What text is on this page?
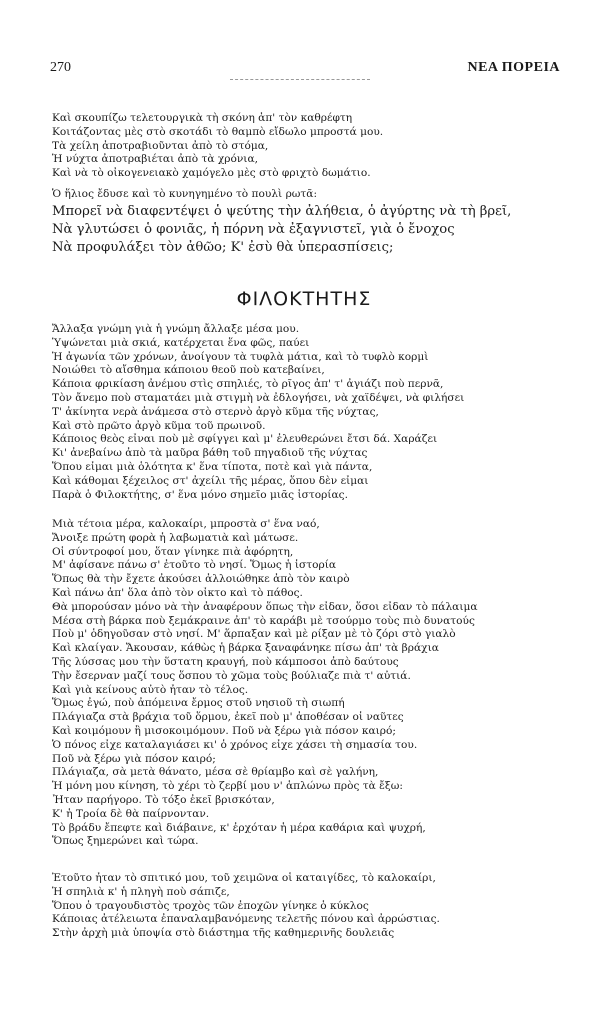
270	ΝΕΑ ΠΟΡΕΙΑ
Καὶ σκουπίζω τελετουργικὰ τὴ σκόνη ἀπ' τὸν καθρέφτη
Κοιτάζοντας μὲς στὸ σκοτάδι τὸ θαμπὸ εἴδωλο μπροστά μου.
Τὰ χείλη ἀποτραβιοῦνται ἀπὸ τὸ στόμα,
Ἡ νύχτα ἀποτραβιέται ἀπὸ τὰ χρόνια,
Καὶ νὰ τὸ οἰκογενειακὸ χαμόγελο μὲς στὸ φριχτὸ δωμάτιο.
Ὁ ἥλιος ἔδυσε καὶ τὸ κυνηγημένο τὸ πουλὶ ρωτᾶ:
Μπορεῖ νὰ διαφεντέψει ὁ ψεύτης τὴν ἀλήθεια, ὁ ἀγύρτης νὰ τὴ βρεῖ,
Νὰ γλυτώσει ὁ φονιᾶς, ἡ πόρνη νὰ ἐξαγνιστεῖ, γιὰ ὁ ἔνοχος
Νὰ προφυλάξει τὸν ἀθῶο; Κ' ἐσὺ θὰ ὑπερασπίσεις;
ΦΙΛΟΚΤΗΤΗΣ
Ἄλλαξα γνώμη γιὰ ἡ γνώμη ἄλλαξε μέσα μου.
Ὑψώνεται μιὰ σκιά, κατέρχεται ἕνα φῶς, παύει
Ἡ ἀγωνία τῶν χρόνων, ἀνοίγουν τὰ τυφλὰ μάτια, καὶ τὸ τυφλὸ κορμὶ
Νοιώθει τὸ αἴσθημα κάποιου θεοῦ ποὺ κατεβαίνει,
Κάποια φρικίαση ἀνέμου στὶς σπηλιές, τὸ ρῖγος ἀπ' τ' ἀγιάζι ποὺ περνᾶ,
Τὸν ἄνεμο ποὺ σταματάει μιὰ στιγμὴ νὰ ἐδλογήσει, νὰ χαϊδέψει, νὰ φιλήσει
Τ' ἀκίνητα νερὰ ἀνάμεσα στὸ στερνὸ ἀργὸ κῦμα τῆς νύχτας,
Καὶ στὸ πρῶτο ἀργὸ κῦμα τοῦ πρωινοῦ.
Κάποιος θεὸς εἶναι ποὺ μὲ σφίγγει καὶ μ' ἐλευθερώνει ἔτσι δά. Χαράζει
Κι' ἀνεβαίνω ἀπὸ τὰ μαῦρα βάθη τοῦ πηγαδιοῦ τῆς νύχτας
Ὅπου εἶμαι μιὰ ὁλότητα κ' ἕνα τίποτα, ποτὲ καὶ γιὰ πάντα,
Καὶ κάθομαι ξέχειλος στ' ἀχείλι τῆς μέρας, ὅπου δὲν εἶμαι
Παρὰ ὁ Φιλοκτήτης, σ' ἕνα μόνο σημεῖο μιᾶς ἱστορίας.
Μιὰ τέτοια μέρα, καλοκαίρι, μπροστὰ σ' ἕνα ναό,
Ἄνοιξε πρώτη φορὰ ἡ λαβωματιὰ καὶ μάτωσε.
Οἱ σύντροφοί μου, ὅταν γίνηκε πιὰ ἀφόρητη,
Μ' ἀφίσανε πάνω σ' ἐτοῦτο τὸ νησί. Ὅμως ἡ ἱστορία
Ὅπως θὰ τὴν ἔχετε ἀκούσει ἀλλοιώθηκε ἀπὸ τὸν καιρὸ
Καὶ πάνω ἀπ' ὅλα ἀπὸ τὸν οἶκτο καὶ τὸ πάθος.
Θὰ μπορούσαν μόνο νὰ τὴν ἀναφέρουν ὅπως τὴν εἶδαν, ὅσοι εἶδαν τὸ πάλαιμα
Μέσα στὴ βάρκα ποὺ ξεμάκραινε ἀπ' τὸ καράβι μὲ τσούρμο τοὺς πιὸ δυνατούς
Ποὺ μ' ὁδηγοῦσαν στὸ νησί. Μ' ἅρπαξαν καὶ μὲ ρίξαν μὲ τὸ ζόρι στὸ γιαλὸ
Καὶ κλαίγαν. Ἄκουσαν, κάθὼς ἡ βάρκα ξαναφάνηκε πίσω ἀπ' τὰ βράχια
Τῆς λύσσας μου τὴν ὕστατη κραυγή, ποὺ κάμποσοι ἀπὸ δαύτους
Τὴν ἔσερναν μαζί τους ὅσπου τὸ χῶμα τοὺς βούλιαζε πιὰ τ' αὐτιά.
Καὶ γιὰ κείνους αὐτὸ ἦταν τὸ τέλος.
Ὅμως ἐγώ, ποὺ ἀπόμεινα ἔρμος στοῦ νησιοῦ τὴ σιωπή
Πλάγιαζα στὰ βράχια τοῦ ὅρμου, ἐκεῖ ποὺ μ' ἀποθέσαν οἱ ναῦτες
Καὶ κοιμόμουν ἢ μισοκοιμόμουν. Ποῦ νὰ ξέρω γιὰ πόσον καιρό;
Ὁ πόνος εἶχε καταλαγιάσει κι' ὁ χρόνος εἶχε χάσει τὴ σημασία του.
Ποῦ νὰ ξέρω γιὰ πόσον καιρό;
Πλάγιαζα, σὰ μετὰ θάνατο, μέσα σὲ θρίαμβο καὶ σὲ γαλήνη,
Ἡ μόνη μου κίνηση, τὸ χέρι τὸ ζερβί μου ν' ἁπλώνω πρὸς τὰ ἔξω:
Ἦταν παρήγορο. Τὸ τόξο ἐκεῖ βρισκόταν,
Κ' ἡ Τροία δὲ θὰ παίρνονταν.
Τὸ βράδυ ἔπεφτε καὶ διάβαινε, κ' ἐρχόταν ἡ μέρα καθάρια καὶ ψυχρή,
Ὅπως ξημερώνει καὶ τώρα.
Ἐτοῦτο ἦταν τὸ σπιτικό μου, τοῦ χειμῶνα οἱ καταιγίδες, τὸ καλοκαίρι,
Ἡ σπηλιὰ κ' ἡ πληγὴ ποὺ σάπιζε,
Ὅπου ὁ τραγουδιστὸς τροχὸς τῶν ἐποχῶν γίνηκε ὁ κύκλος
Κάποιας ἀτέλειωτα ἐπαναλαμβανόμενης τελετῆς πόνου καὶ ἀρρώστιας.
Στὴν ἀρχὴ μιὰ ὑποψία στὸ διάστημα τῆς καθημερινῆς δουλειᾶς
